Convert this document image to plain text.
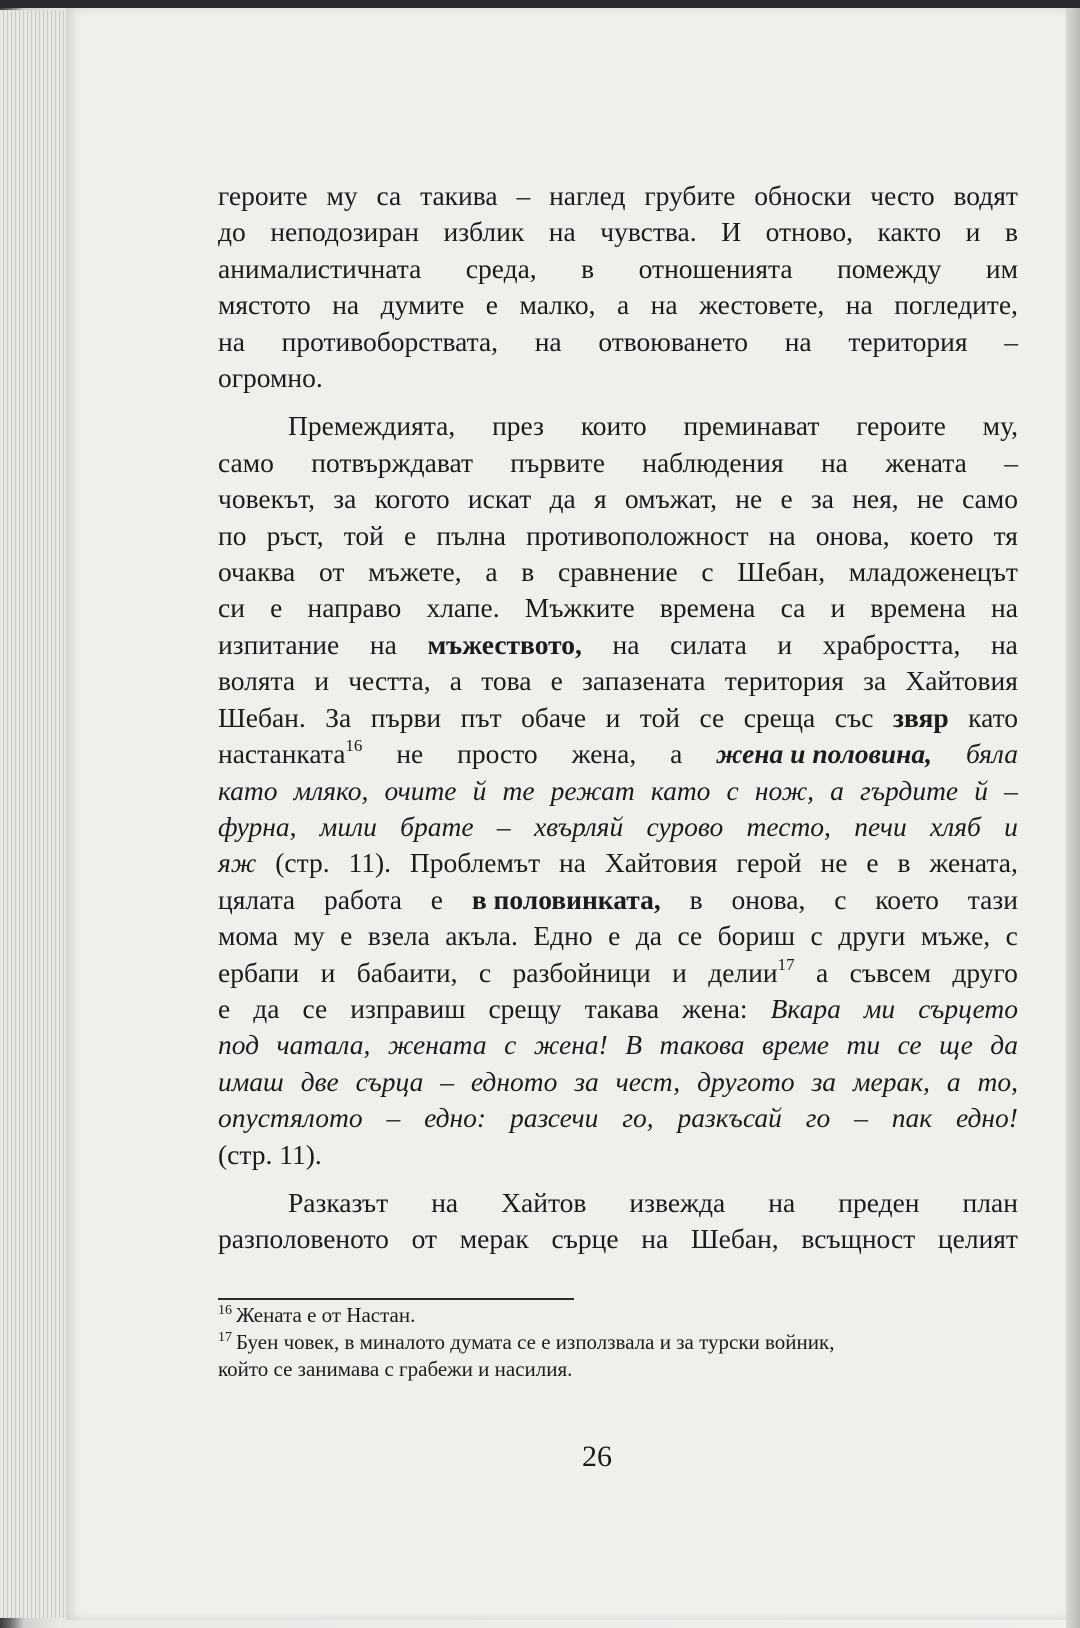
героите му са такива – наглед грубите обноски често водят
до неподозиран изблик на чувства. И отново, както и в
анималистичната среда, в отношенията помежду им
мястото на думите е малко, а на жестовете, на погледите,
на противоборствата, на отвоюването на територия –
огромно.
Премеждията, през които преминават героите му,
само потвърждават първите наблюдения на жената –
човекът, за когото искат да я омъжат, не е за нея, не само
по ръст, той е пълна противоположност на онова, което тя
очаква от мъжете, а в сравнение с Шебан, младоженецът
си е направо хлапе. Мъжките времена са и времена на
изпитание на мъжеството, на силата и храбростта, на
волята и честта, а това е запазената територия за Хайтовия
Шебан. За първи път обаче и той се среща със звяр като
настанката$^{16}$ не просто жена, а жена и половина, бяла
като мляко, очите й те режат като с нож, а гърдите й –
фурна, мили брате – хвърляй сурово тесто, печи хляб и
яж (стр. 11). Проблемът на Хайтовия герой не е в жената,
цялата работа е в половинката, в онова, с което тази
мома му е взела акъла. Едно е да се бориш с други мъже, с
ербапи и бабаити, с разбойници и делии$^{17}$ а съвсем друго
е да се изправиш срещу такава жена: Вкара ми сърцето
под чатала, жената с жена! В такова време ти се ще да
имаш две сърца – едното за чест, другото за мерак, а то,
опустялото – едно: разсечи го, разкъсай го – пак едно!
(стр. 11).
Разказът на Хайтов извежда на преден план
разполовеното от мерак сърце на Шебан, всъщност целият
$^{16}$ Жената е от Настан.
$^{17}$ Буен човек, в миналото думата се е използвала и за турски войник,
който се занимава с грабежи и насилия.
26
